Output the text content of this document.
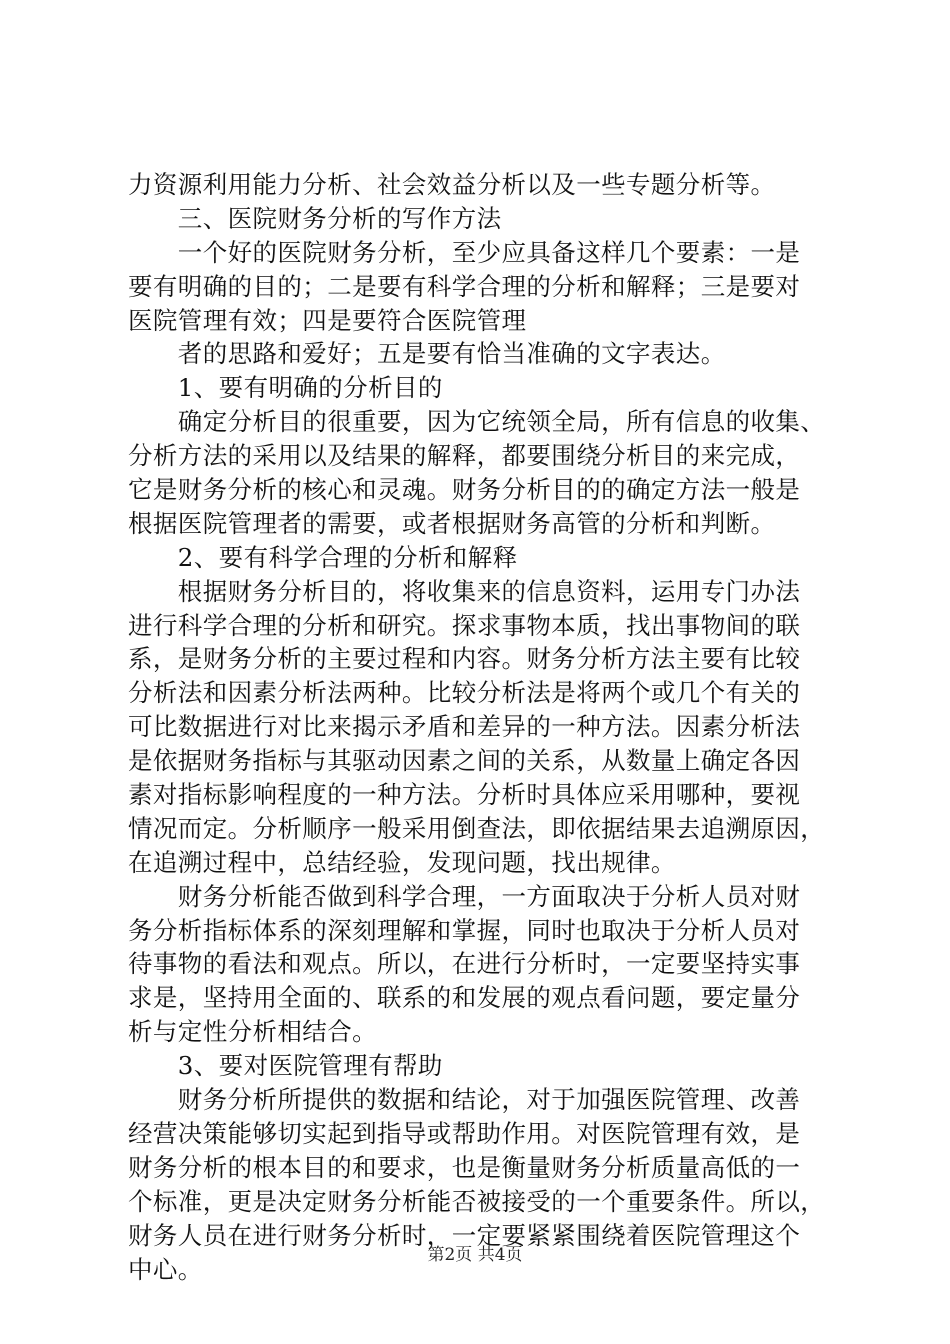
力资源利用能力分析、社会效益分析以及一些专题分析等。
　　三、医院财务分析的写作方法
　　一个好的医院财务分析，至少应具备这样几个要素：一是
要有明确的目的；二是要有科学合理的分析和解释；三是要对
医院管理有效；四是要符合医院管理
　　者的思路和爱好；五是要有恰当准确的文字表达。
　　1、要有明确的分析目的
　　确定分析目的很重要，因为它统领全局，所有信息的收集、
分析方法的采用以及结果的解释，都要围绕分析目的来完成，
它是财务分析的核心和灵魂。财务分析目的的确定方法一般是
根据医院管理者的需要，或者根据财务高管的分析和判断。
　　2、要有科学合理的分析和解释
　　根据财务分析目的，将收集来的信息资料，运用专门办法
进行科学合理的分析和研究。探求事物本质，找出事物间的联
系，是财务分析的主要过程和内容。财务分析方法主要有比较
分析法和因素分析法两种。比较分析法是将两个或几个有关的
可比数据进行对比来揭示矛盾和差异的一种方法。因素分析法
是依据财务指标与其驱动因素之间的关系，从数量上确定各因
素对指标影响程度的一种方法。分析时具体应采用哪种，要视
情况而定。分析顺序一般采用倒查法，即依据结果去追溯原因，
在追溯过程中，总结经验，发现问题，找出规律。
　　财务分析能否做到科学合理，一方面取决于分析人员对财
务分析指标体系的深刻理解和掌握，同时也取决于分析人员对
待事物的看法和观点。所以，在进行分析时，一定要坚持实事
求是，坚持用全面的、联系的和发展的观点看问题，要定量分
析与定性分析相结合。
　　3、要对医院管理有帮助
　　财务分析所提供的数据和结论，对于加强医院管理、改善
经营决策能够切实起到指导或帮助作用。对医院管理有效，是
财务分析的根本目的和要求，也是衡量财务分析质量高低的一
个标准，更是决定财务分析能否被接受的一个重要条件。所以，
财务人员在进行财务分析时，一定要紧紧围绕着医院管理这个
中心。	第2页 共4页
